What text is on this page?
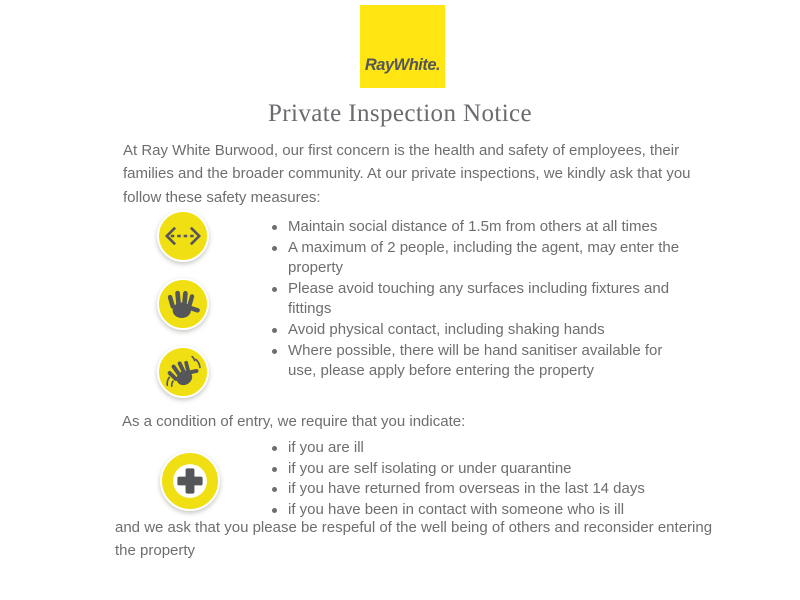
RayWhite.
Private Inspection Notice

At Ray White Burwood, our first concern is the health and safety of employees, their families and the broader community. At our private inspections, we kindly ask that you follow these safety measures:

Maintain social distance of 1.5m from others at all times
A maximum of 2 people, including the agent, may enter the property
Please avoid touching any surfaces including fixtures and fittings
Avoid physical contact, including shaking hands
Where possible, there will be hand sanitiser available for use, please apply before entering the property

As a condition of entry, we require that you indicate:

if you are ill
if you are self isolating or under quarantine
if you have returned from overseas in the last 14 days
if you have been in contact with someone who is ill

and we ask that you please be respeful of the well being of others and reconsider entering the property
